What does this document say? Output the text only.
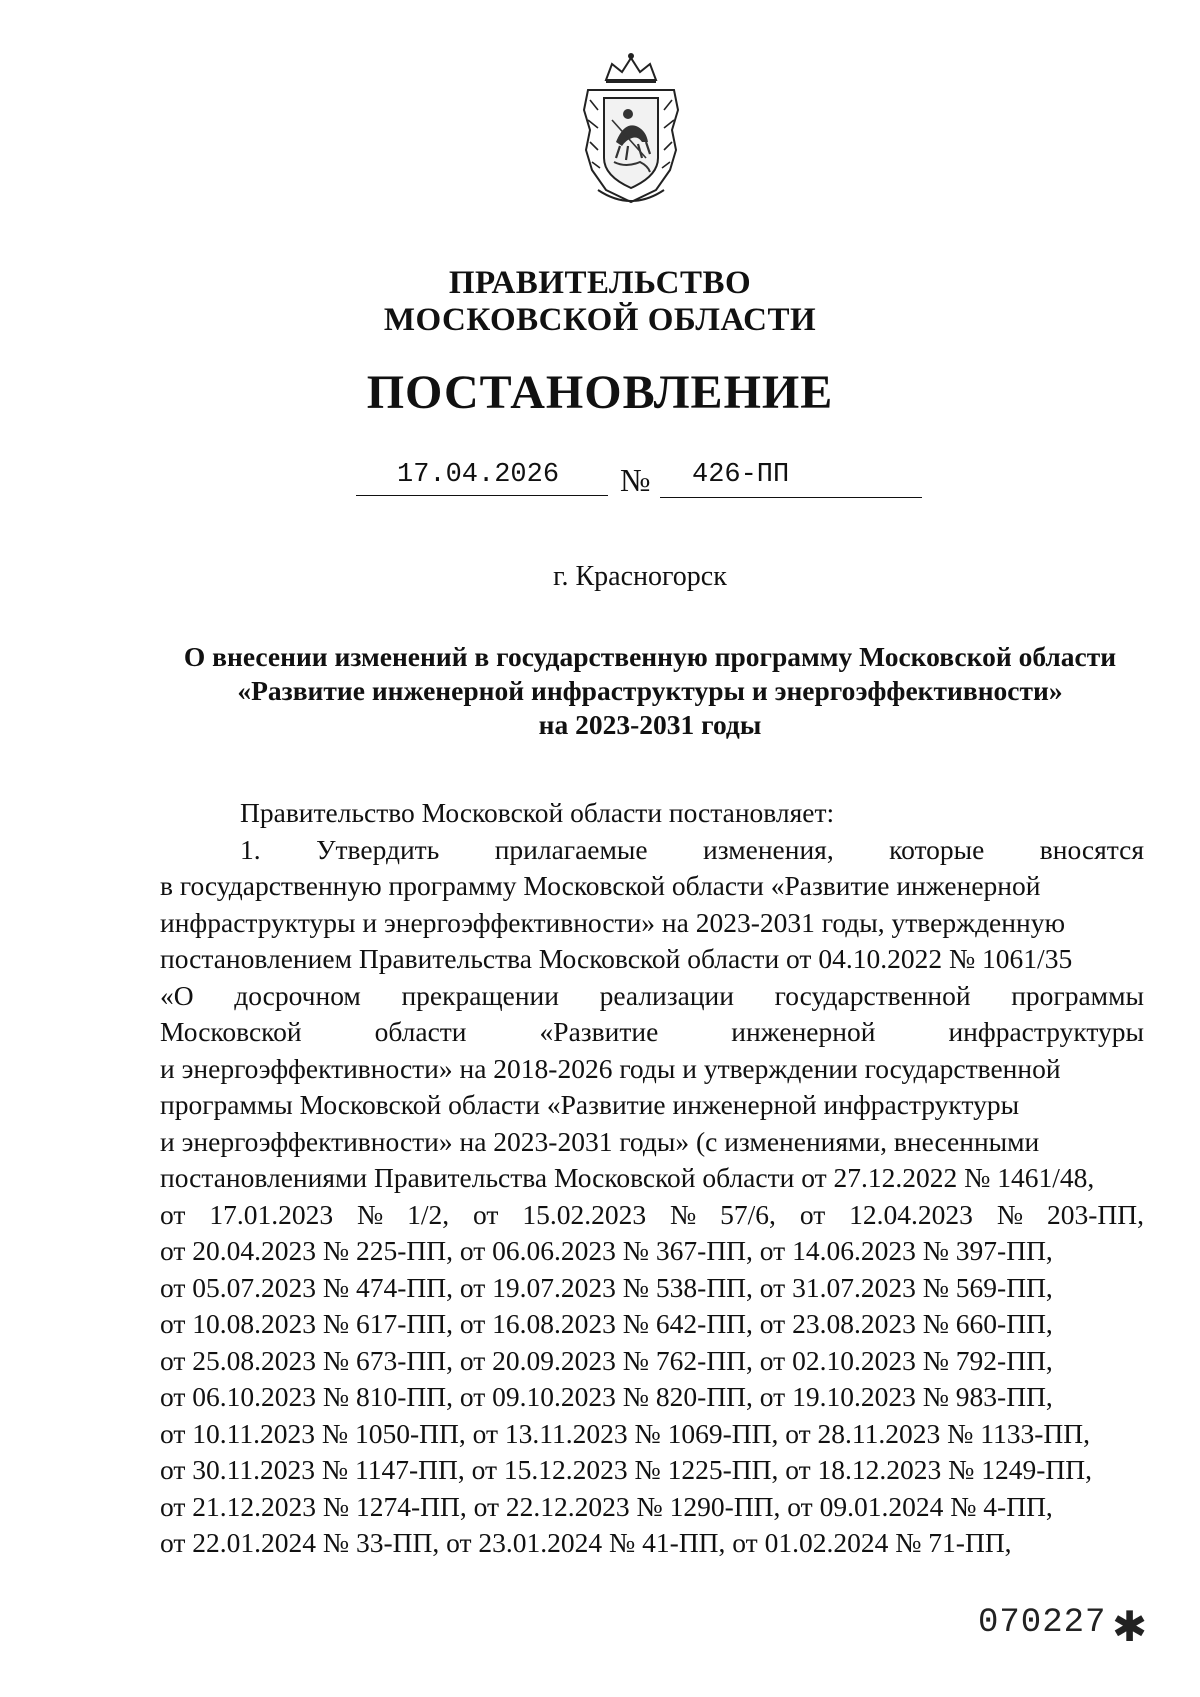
ПРАВИТЕЛЬСТВО
МОСКОВСКОЙ ОБЛАСТИ
ПОСТАНОВЛЕНИЕ
17.04.2026 № 426-ПП
г. Красногорск
О внесении изменений в государственную программу Московской области
«Развитие инженерной инфраструктуры и энергоэффективности»
на 2023-2031 годы
Правительство Московской области постановляет:
1. Утвердить прилагаемые изменения, которые вносятся
в государственную программу Московской области «Развитие инженерной
инфраструктуры и энергоэффективности» на 2023-2031 годы, утвержденную
постановлением Правительства Московской области от 04.10.2022 № 1061/35
«О досрочном прекращении реализации государственной программы
Московской	области	«Развитие	инженерной	инфраструктуры
и энергоэффективности» на 2018-2026 годы и утверждении государственной
программы Московской области «Развитие инженерной инфраструктуры
и энергоэффективности» на 2023-2031 годы» (с изменениями, внесенными
постановлениями Правительства Московской области от 27.12.2022 № 1461/48,
от 17.01.2023 № 1/2, от 15.02.2023 № 57/6, от 12.04.2023 № 203-ПП,
от 20.04.2023 № 225-ПП, от 06.06.2023 № 367-ПП, от 14.06.2023 № 397-ПП,
от 05.07.2023 № 474-ПП, от 19.07.2023 № 538-ПП, от 31.07.2023 № 569-ПП,
от 10.08.2023 № 617-ПП, от 16.08.2023 № 642-ПП, от 23.08.2023 № 660-ПП,
от 25.08.2023 № 673-ПП, от 20.09.2023 № 762-ПП, от 02.10.2023 № 792-ПП,
от 06.10.2023 № 810-ПП, от 09.10.2023 № 820-ПП, от 19.10.2023 № 983-ПП,
от 10.11.2023 № 1050-ПП, от 13.11.2023 № 1069-ПП, от 28.11.2023 № 1133-ПП,
от 30.11.2023 № 1147-ПП, от 15.12.2023 № 1225-ПП, от 18.12.2023 № 1249-ПП,
от 21.12.2023 № 1274-ПП, от 22.12.2023 № 1290-ПП, от 09.01.2024 № 4-ПП,
от 22.01.2024 № 33-ПП, от 23.01.2024 № 41-ПП, от 01.02.2024 № 71-ПП,
070227 ✱
